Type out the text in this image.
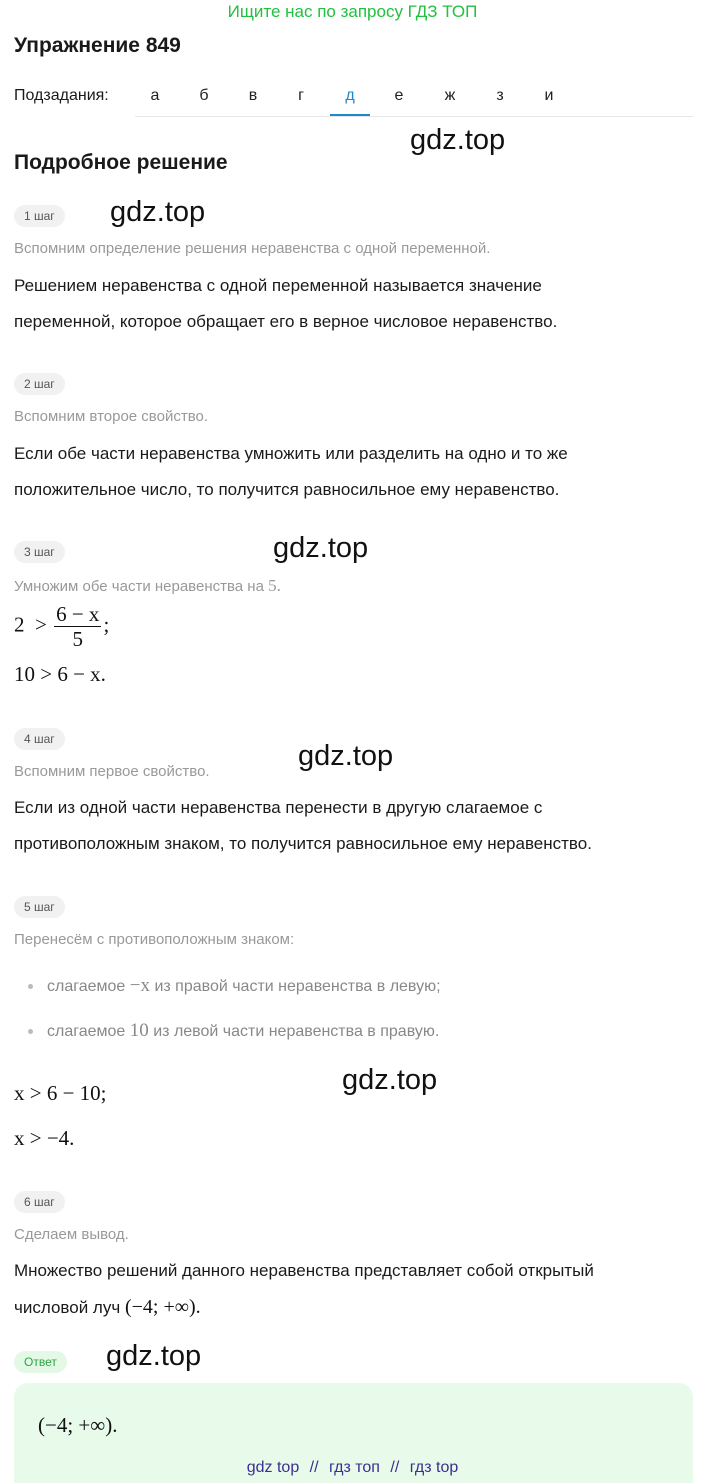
Ищите нас по запросу ГДЗ ТОП
Упражнение 849
Подзадания:	а	б	в	г	д	е	ж	з	и
gdz.top
gdz.top
gdz.top
gdz.top
gdz.top
gdz.top
Подробное решение
1 шаг
Вспомним определение решения неравенства с одной переменной.
Решением неравенства с одной переменной называется значение
переменной, которое обращает его в верное числовое неравенство.
2 шаг
Вспомним второе свойство.
Если обе части неравенства умножить или разделить на одно и то же
положительное число, то получится равносильное ему неравенство.
3 шаг
Умножим обе части неравенства на 5.
$2 > \frac{6 - x}{5}$ ;
10 > 6 − x.
4 шаг
Вспомним первое свойство.
Если из одной части неравенства перенести в другую слагаемое с
противоположным знаком, то получится равносильное ему неравенство.
5 шаг
Перенесём с противоположным знаком:
слагаемое −x из правой части неравенства в левую;
слагаемое 10 из левой части неравенства в правую.
x > 6 − 10;
x > −4.
6 шаг
Сделаем вывод.
Множество решений данного неравенства представляет собой открытый
числовой луч (−4; +∞).
Ответ
(−4; +∞).
gdz top // гдз топ // гдз top
